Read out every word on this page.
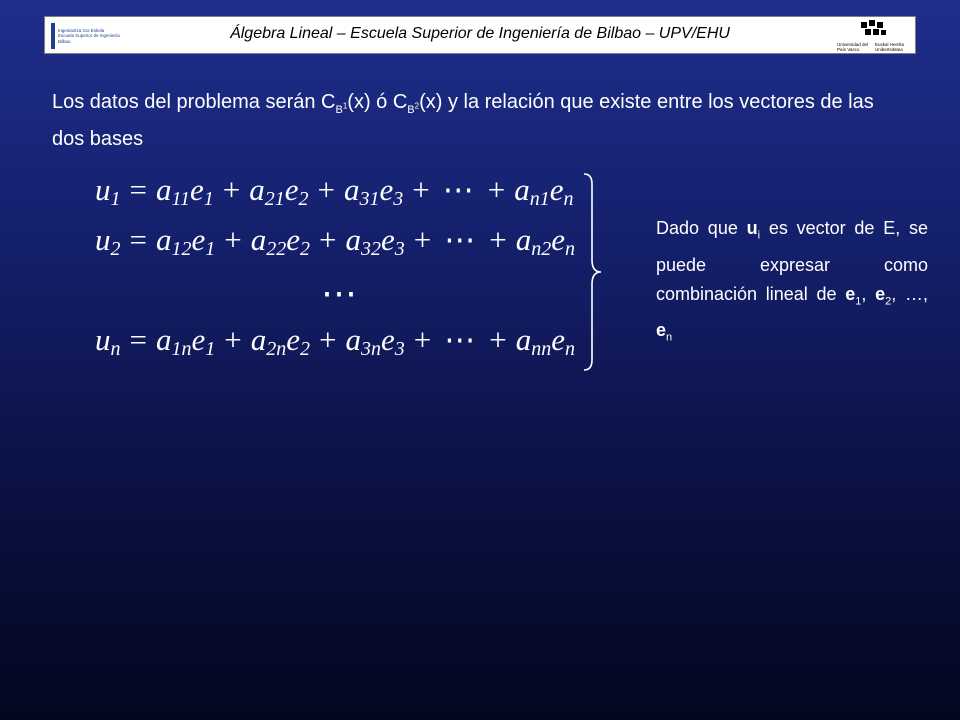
Ingeniaritza Goi Eskola
Escuela Superior de Ingeniería
Bilbao	Álgebra Lineal – Escuela Superior de Ingeniería de Bilbao – UPV/EHU
Universidad del País Vasco
Euskal Herriko Unibertsitatea
Los datos del problema serán $C_{B^1}(x)$ ó $C_{B^2}(x)$ y la relación que existe entre los vectores de las dos bases
$u_1 = a_{11}e_1 + a_{21}e_2 + a_{31}e_3$ + ⋯ + $a_{n1}e_n$
$u_2 = a_{12}e_1 + a_{22}e_2 + a_{32}e_3$ + ⋯ + $a_{n2}e_n$
$u_n = a_{1n}e_1 + a_{2n}e_2 + a_{3n}e_3$ + ⋯ + $a_{nn}e_n$
⋯
Dado que $u_i$ es vector de E, se puede expresar como combinación lineal de $e_1$, $e_2$, …, $e_n$
